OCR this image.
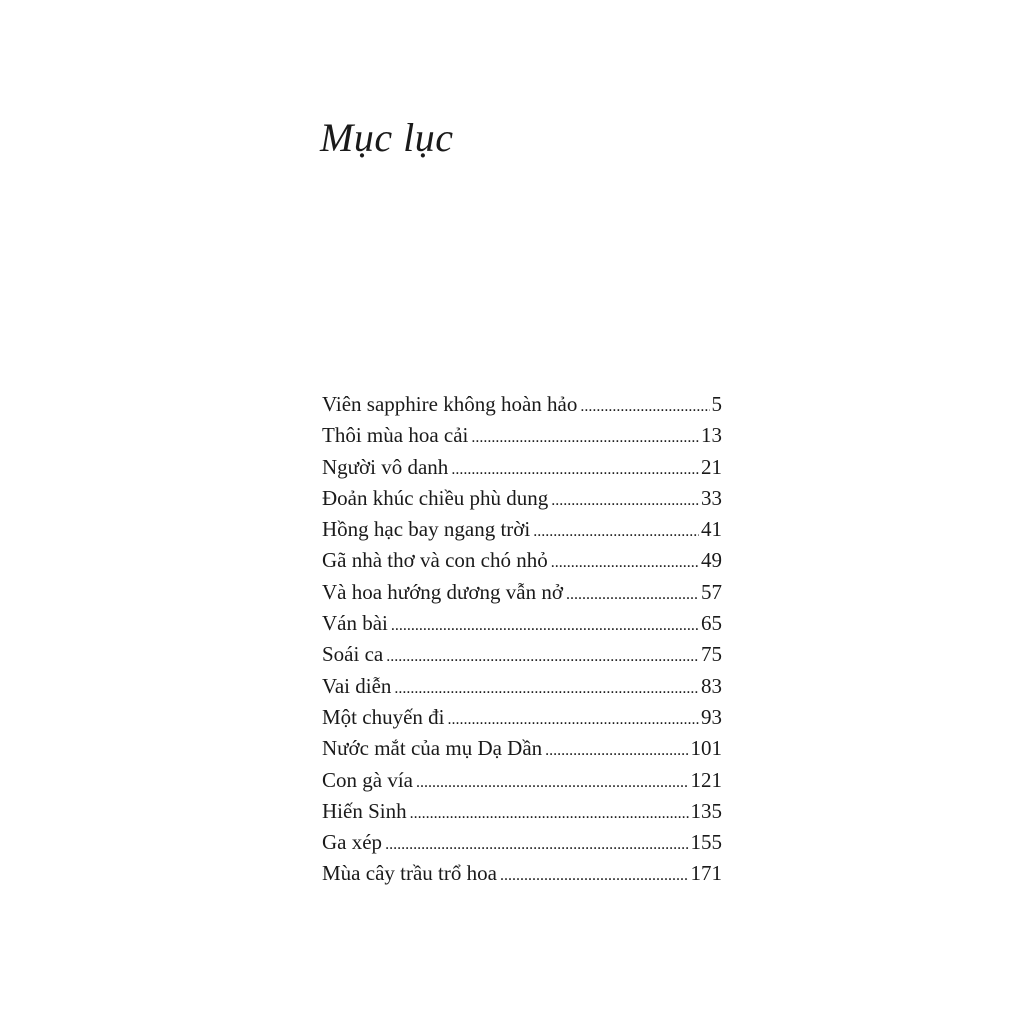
Mục lục
Viên sapphire không hoàn hảo .....	5
Thôi mùa hoa cải .....	13
Người vô danh .....	21
Đoản khúc chiều phù dung .....	33
Hồng hạc bay ngang trời .....	41
Gã nhà thơ và con chó nhỏ .....	49
Và hoa hướng dương vẫn nở .....	57
Ván bài .....	65
Soái ca .....	75
Vai diễn .....	83
Một chuyến đi .....	93
Nước mắt của mụ Dạ Dần .....	101
Con gà vía .....	121
Hiến Sinh .....	135
Ga xép .....	155
Mùa cây trầu trổ hoa .....	171
